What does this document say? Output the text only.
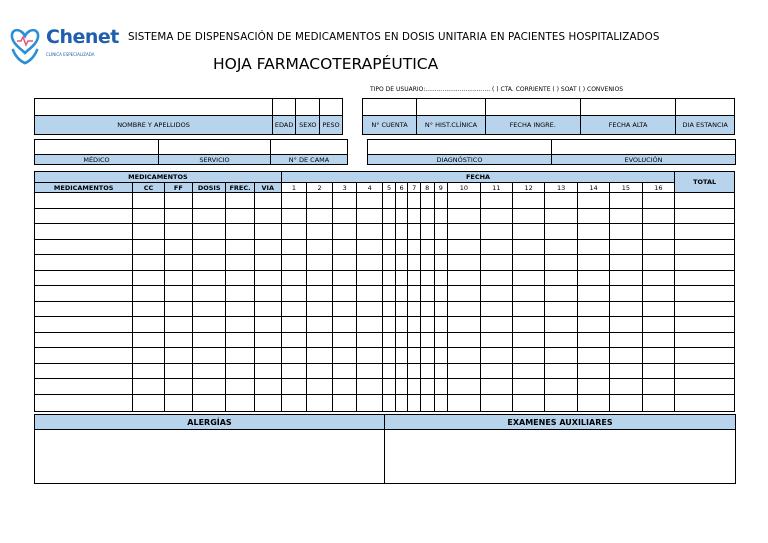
Chenet
CLÍNICA ESPECIALIZADA
SISTEMA DE DISPENSACIÓN DE MEDICAMENTOS EN DOSIS UNITARIA EN PACIENTES HOSPITALIZADOS
HOJA FARMACOTERAPÉUTICA
TIPO DE USUARIO:.................................. ( ) CTA. CORRIENTE ( ) SOAT ( ) CONVENIOS

NOMBRE Y APELLIDOS	EDAD	SEXO	PESO		N° CUENTA	N° HIST.CLÍNICA	FECHA INGRE.	FECHA ALTA	DIA ESTANCIA

MÉDICO	SERVICIO	N° DE CAMA		DIAGNÓSTICO	EVOLUCIÓN
MEDICAMENTOS						FECHA																TOTAL
MEDICAMENTOS	CC	FF	DOSIS	FREC.	VIA	1	2	3	4	5	6	7	8	9	10	11	12	13	14	15	16	

ALERGÍAS	EXAMENES AUXILIARES
